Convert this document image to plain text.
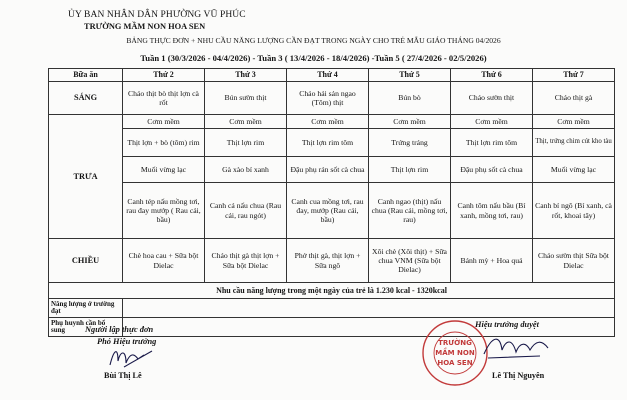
ỦY BAN NHÂN DÂN PHƯỜNG VŨ PHÚC
TRƯỜNG MẦM NON HOA SEN
BẢNG THỰC ĐƠN + NHU CẦU NĂNG LƯỢNG CẦN ĐẠT TRONG NGÀY CHO TRẺ MẪU GIÁO THÁNG 04/2026
Tuần 1 (30/3/2026 - 04/4/2026) - Tuần 3 ( 13/4/2026 - 18/4/2026) -Tuần 5 ( 27/4/2026 - 02/5/2026)
Bữa ăn	Thứ 2	Thứ 3	Thứ 4	Thứ 5	Thứ 6	Thứ 7
SÁNG	Cháo thịt bò thịt lợn cà rốt	Bún sườn thịt	Cháo hải sản ngao (Tôm) thịt	Bún bò	Cháo sườn thịt	Cháo thịt gà
TRƯA	Cơm mềm	Cơm mềm	Cơm mềm	Cơm mềm	Cơm mềm	Cơm mềm
	Thịt lợn + bò (tôm) rim	Thịt lợn rim	Thịt lợn rim tôm	Trứng tráng	Thịt lợn rim tôm	Thịt, trứng chim cút kho tàu
	Muối vừng lạc	Gà xào bí xanh	Đậu phụ rán sốt cà chua	Thịt lợn rim	Đậu phụ sốt cà chua	Muối vừng lạc
	Canh tép nấu mồng tơi, rau đay mướp ( Rau cải, bầu)	Canh cá nấu chua (Rau cải, rau ngót)	Canh cua mồng tơi, rau đay, mướp (Rau cải, bầu)	Canh ngao (thịt) nấu chua (Rau cải, mồng tơi, rau)	Canh tôm nấu bầu (Bí xanh, mồng tơi, rau)	Canh bí ngô (Bí xanh, cà rốt, khoai tây)
CHIỀU	Chè hoa cau + Sữa bột Dielac	Cháo thịt gà thịt lợn + Sữa bột Dielac	Phở thịt gà, thịt lợn + Sữa ngô	Xôi chè (Xôi thịt) + Sữa chua VNM (Sữa bột Dielac)	Bánh mỳ + Hoa quả	Cháo sườn thịt Sữa bột Dielac
Nhu cầu năng lượng trong một ngày của trẻ là 1.230 kcal - 1320kcal						
Năng lượng ở trường đạt						
Phụ huynh cần bổ sung						Người lập thực đơn
Phó Hiệu trưởng
Bùi Thị Lê
Hiệu trưởng duyệt
TRƯỜNG
MẦM NON
HOA SEN
Lê Thị Nguyên
